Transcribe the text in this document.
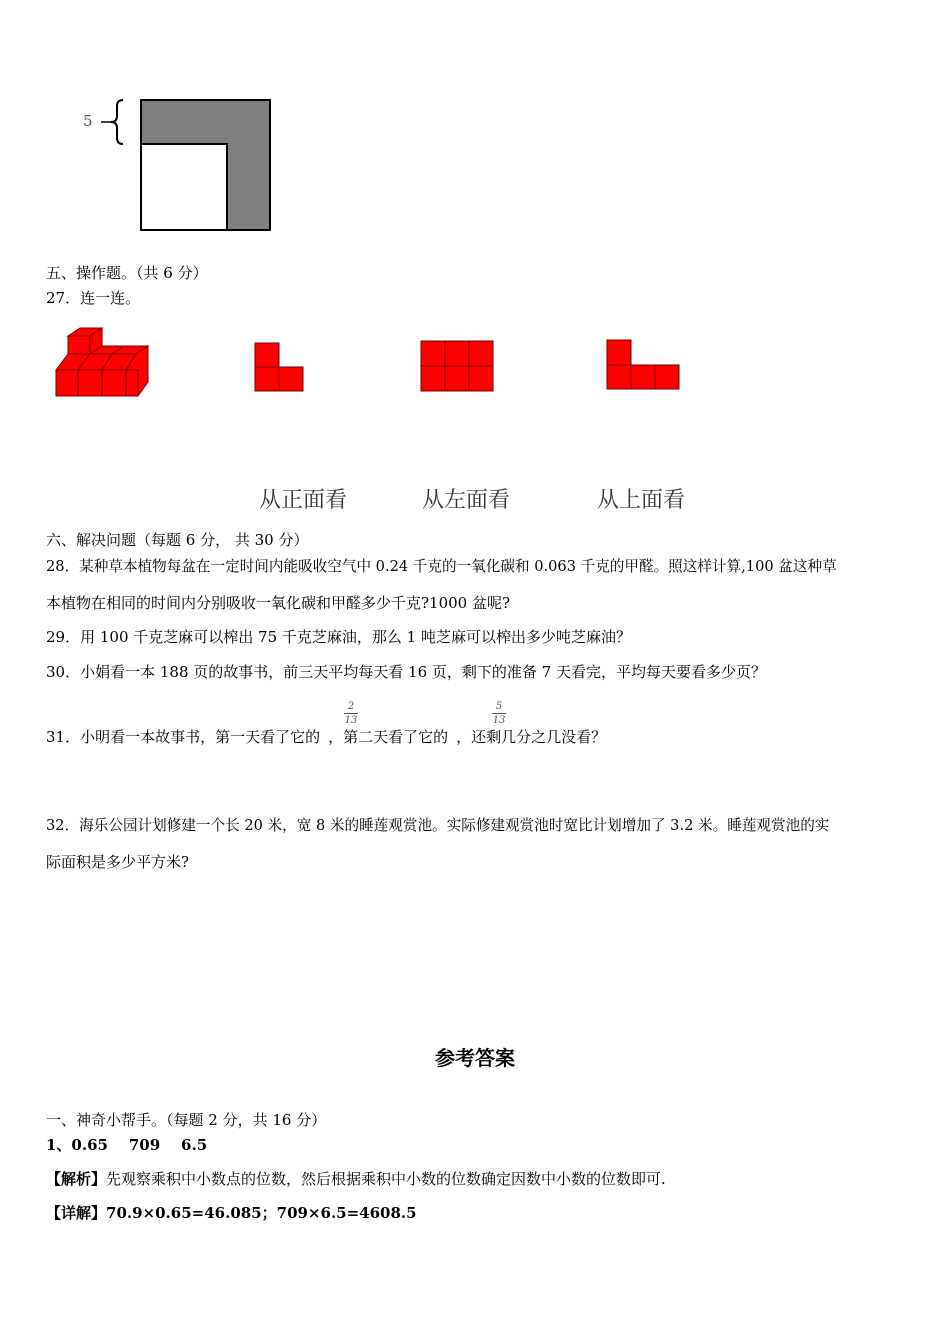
5
五、操作题。（共 6 分）
27．连一连。
从正面看	从左面看	从上面看
六、解决问题（每题 6 分， 共 30 分）
28．某种草本植物每盆在一定时间内能吸收空气中 0.24 千克的一氧化碳和 0.063 千克的甲醛。照这样计算,100 盆这种草
本植物在相同的时间内分别吸收一氧化碳和甲醛多少千克?1000 盆呢?
29．用 100 千克芝麻可以榨出 75 千克芝麻油，那么 1 吨芝麻可以榨出多少吨芝麻油？
30．小娟看一本 188 页的故事书，前三天平均每天看 16 页，剩下的准备 7 天看完，平均每天要看多少页？
31．小明看一本故事书，第一天看了它的 ，第二天看了它的 ，还剩几分之几没看？
2
13
5
13
32．海乐公园计划修建一个长 20 米，宽 8 米的睡莲观赏池。实际修建观赏池时宽比计划增加了 3.2 米。睡莲观赏池的实
际面积是多少平方米?
参考答案
一、神奇小帮手。（每题 2 分，共 16 分）
1、0.65    709    6.5
【解析】先观察乘积中小数点的位数，然后根据乘积中小数的位数确定因数中小数的位数即可.
【详解】70.9×0.65=46.085；709×6.5=4608.5
